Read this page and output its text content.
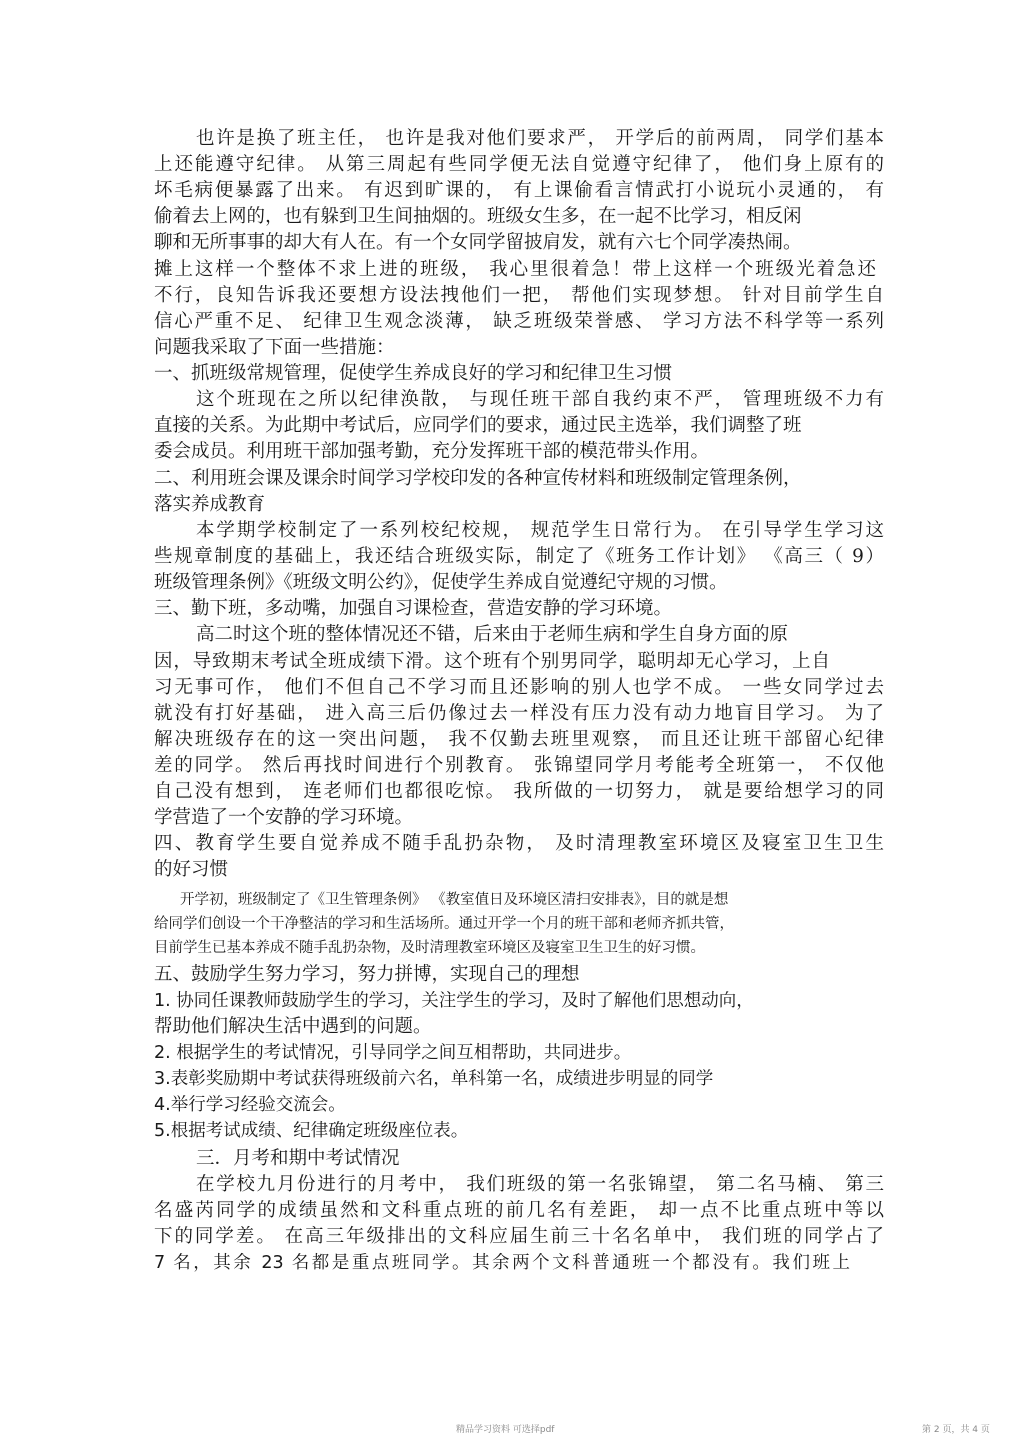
也许是换了班主任， 也许是我对他们要求严， 开学后的前两周， 同学们基本
上还能遵守纪律。 从第三周起有些同学便无法自觉遵守纪律了， 他们身上原有的
坏毛病便暴露了出来。 有迟到旷课的， 有上课偷看言情武打小说玩小灵通的， 有
偷着去上网的，也有躲到卫生间抽烟的。班级女生多，在一起不比学习，相反闲
聊和无所事事的却大有人在。有一个女同学留披肩发，就有六七个同学凑热闹。
摊上这样一个整体不求上进的班级， 我心里很着急！带上这样一个班级光着急还
不行，良知告诉我还要想方设法拽他们一把， 帮他们实现梦想。 针对目前学生自
信心严重不足、 纪律卫生观念淡薄， 缺乏班级荣誉感、 学习方法不科学等一系列
问题我采取了下面一些措施：
一、抓班级常规管理，促使学生养成良好的学习和纪律卫生习惯
这个班现在之所以纪律涣散， 与现任班干部自我约束不严， 管理班级不力有
直接的关系。为此期中考试后，应同学们的要求，通过民主选举，我们调整了班
委会成员。利用班干部加强考勤，充分发挥班干部的模范带头作用。
二、利用班会课及课余时间学习学校印发的各种宣传材料和班级制定管理条例，
落实养成教育
本学期学校制定了一系列校纪校规， 规范学生日常行为。 在引导学生学习这
些规章制度的基础上，我还结合班级实际，制定了《班务工作计划》 《高三（ 9）
班级管理条例》《班级文明公约》，促使学生养成自觉遵纪守规的习惯。
三、勤下班，多动嘴，加强自习课检查，营造安静的学习环境。
高二时这个班的整体情况还不错，后来由于老师生病和学生自身方面的原
因，导致期末考试全班成绩下滑。这个班有个别男同学，聪明却无心学习，上自
习无事可作， 他们不但自己不学习而且还影响的别人也学不成。 一些女同学过去
就没有打好基础， 进入高三后仍像过去一样没有压力没有动力地盲目学习。 为了
解决班级存在的这一突出问题， 我不仅勤去班里观察， 而且还让班干部留心纪律
差的同学。 然后再找时间进行个别教育。 张锦望同学月考能考全班第一， 不仅他
自己没有想到， 连老师们也都很吃惊。 我所做的一切努力， 就是要给想学习的同
学营造了一个安静的学习环境。
四、教育学生要自觉养成不随手乱扔杂物， 及时清理教室环境区及寝室卫生卫生
的好习惯
开学初，班级制定了《卫生管理条例》 《教室值日及环境区清扫安排表》，目的就是想
给同学们创设一个干净整洁的学习和生活场所。通过开学一个月的班干部和老师齐抓共管，
目前学生已基本养成不随手乱扔杂物，及时清理教室环境区及寝室卫生卫生的好习惯。
五、鼓励学生努力学习，努力拼博，实现自己的理想
1. 协同任课教师鼓励学生的学习，关注学生的学习，及时了解他们思想动向，
帮助他们解决生活中遇到的问题。
2. 根据学生的考试情况，引导同学之间互相帮助，共同进步。
3.表彰奖励期中考试获得班级前六名，单科第一名，成绩进步明显的同学
4.举行学习经验交流会。
5.根据考试成绩、纪律确定班级座位表。
三．月考和期中考试情况
在学校九月份进行的月考中， 我们班级的第一名张锦望， 第二名马楠、 第三
名盛芮同学的成绩虽然和文科重点班的前几名有差距， 却一点不比重点班中等以
下的同学差。 在高三年级排出的文科应届生前三十名名单中， 我们班的同学占了
7 名，其余 23 名都是重点班同学。其余两个文科普通班一个都没有。我们班上
精品学习资料 可选择pdf	第 2 页，共 4 页
